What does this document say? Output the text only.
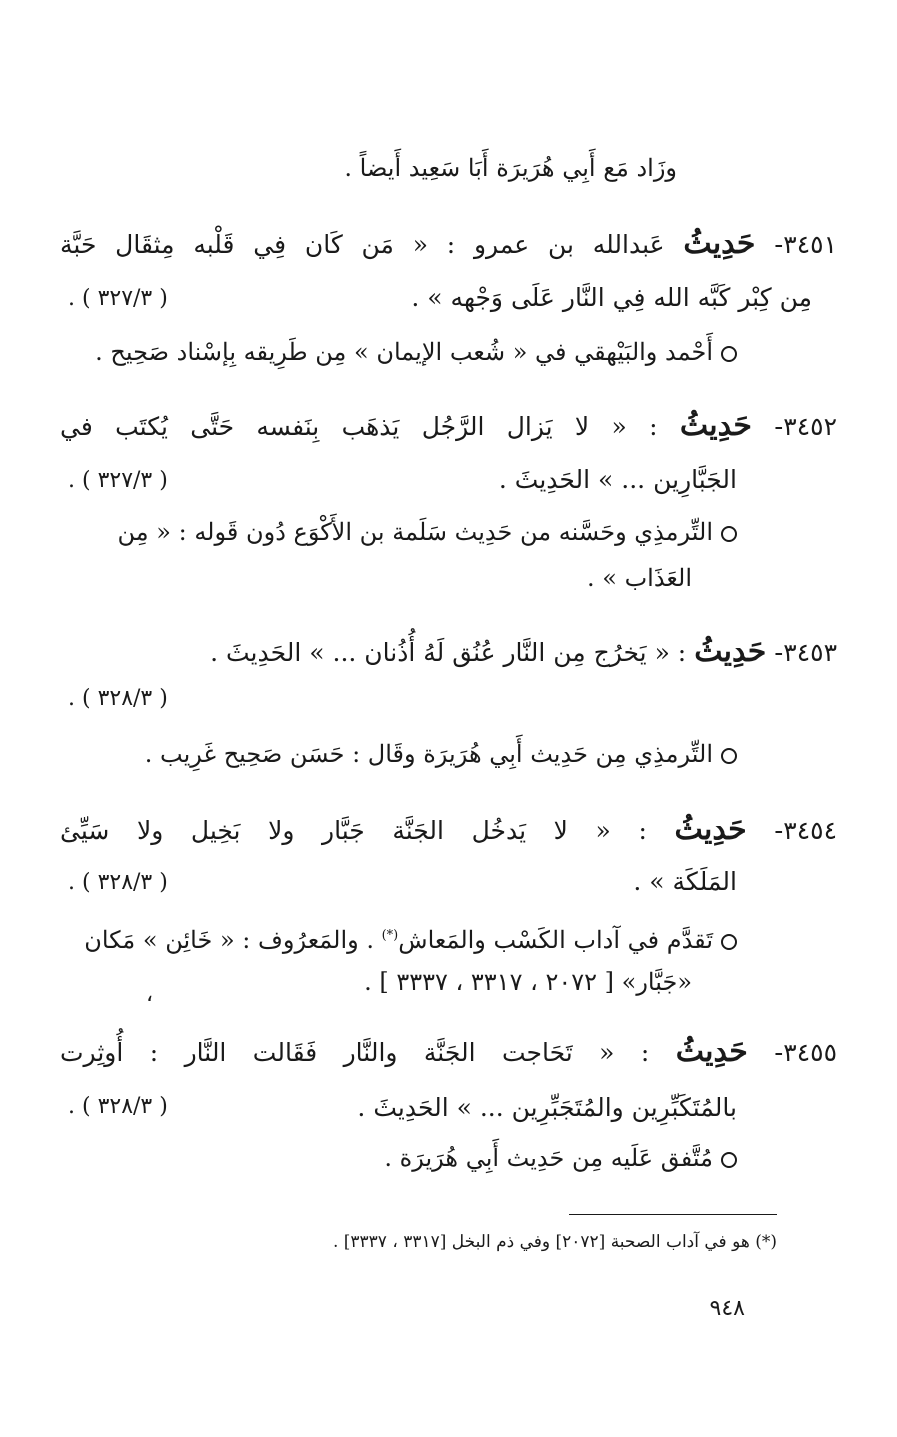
وزَاد مَع أَبِي هُرَيرَة أَبَا سَعِيد أَيضاً .
٣٤٥١- حَدِيثُ عَبدالله بن عمرو : « مَن كَان فِي قَلْبه مِثقَال حَبَّة
مِن كِبْر كَبَّه الله فِي النَّار عَلَى وَجْهه » .
( ٣٢٧/٣ ) .
أَحْمد والبَيْهقي في « شُعب الإيمان » مِن طَرِيقه بِإسْناد صَحِيح .
٣٤٥٢- حَدِيثُ : « لا يَزال الرَّجُل يَذهَب بِنَفسه حَتَّى يُكتَب في
الجَبَّارِين ... » الحَدِيثَ .
( ٣٢٧/٣ ) .
التِّرمذِي وحَسَّنه من حَدِيث سَلَمة بن الأَكْوَع دُون قَوله : « مِن
العَذَاب » .
٣٤٥٣- حَدِيثُ : « يَخرُج مِن النَّار عُنُق لَهُ أُذُنان ... » الحَدِيثَ .
( ٣٢٨/٣ ) .
التِّرمذِي مِن حَدِيث أَبِي هُرَيرَة وقَال : حَسَن صَحِيح غَرِيب .
٣٤٥٤- حَدِيثُ : « لا يَدخُل الجَنَّة جَبَّار ولا بَخِيل ولا سَيِّئ
المَلَكَة » .
( ٣٢٨/٣ ) .
تَقدَّم في آداب الكَسْب والمَعاش(*) . والمَعرُوف : « خَائِن » مَكان
«جَبَّار» [ ٢٠٧٢ ، ٣٣١٧ ، ٣٣٣٧ ] .
،
٣٤٥٥- حَدِيثُ : « تَحَاجت الجَنَّة والنَّار فَقَالت النَّار : أُوثِرت
بالمُتَكَبِّرِين والمُتَجَبِّرِين ... » الحَدِيثَ .
( ٣٢٨/٣ ) .
مُتَّفق عَلَيه مِن حَدِيث أَبِي هُرَيرَة .
(*) هو في آداب الصحبة [٢٠٧٢] وفي ذم البخل [٣٣١٧ ، ٣٣٣٧] .
٩٤٨
